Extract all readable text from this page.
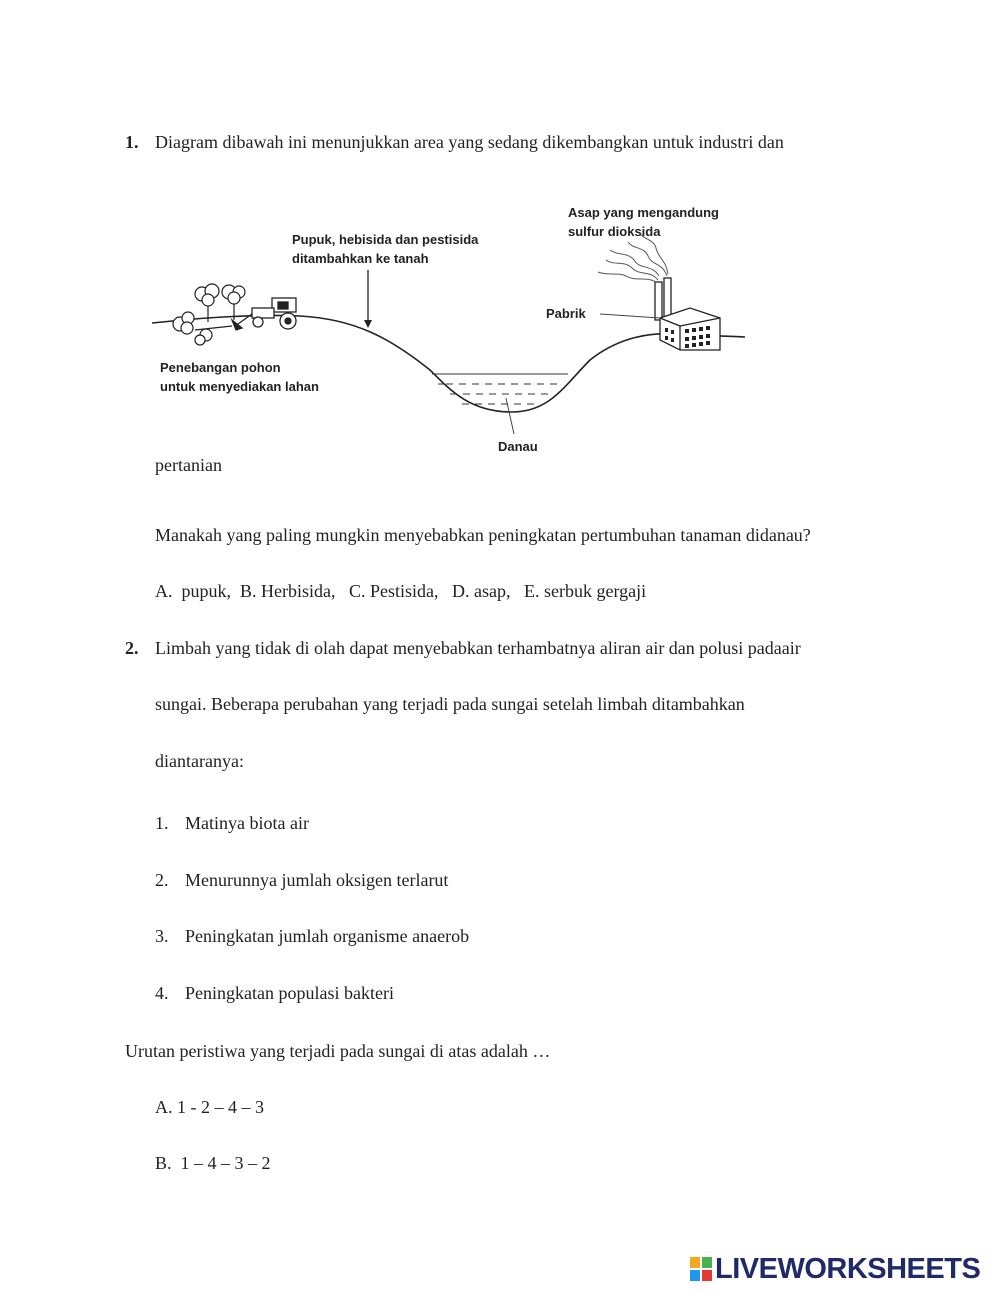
1. Diagram dibawah ini menunjukkan area yang sedang dikembangkan untuk industri dan
Pupuk, hebisida dan pestisida
ditambahkan ke tanah
Asap yang mengandung
sulfur dioksida
Pabrik
Penebangan pohon
untuk menyediakan lahan
Danau
pertanian
Manakah yang paling mungkin menyebabkan peningkatan pertumbuhan tanaman didanau?
A.  pupuk,  B. Herbisida,   C. Pestisida,   D. asap,   E. serbuk gergaji
2. Limbah yang tidak di olah dapat menyebabkan terhambatnya aliran air dan polusi padaair
sungai. Beberapa perubahan yang terjadi pada sungai setelah limbah ditambahkan
diantaranya:
1. Matinya biota air
2. Menurunnya jumlah oksigen terlarut
3. Peningkatan jumlah organisme anaerob
4. Peningkatan populasi bakteri
Urutan peristiwa yang terjadi pada sungai di atas adalah …
A. 1 - 2 – 4 – 3
B.  1 – 4 – 3 – 2
LIVEWORKSHEETS
